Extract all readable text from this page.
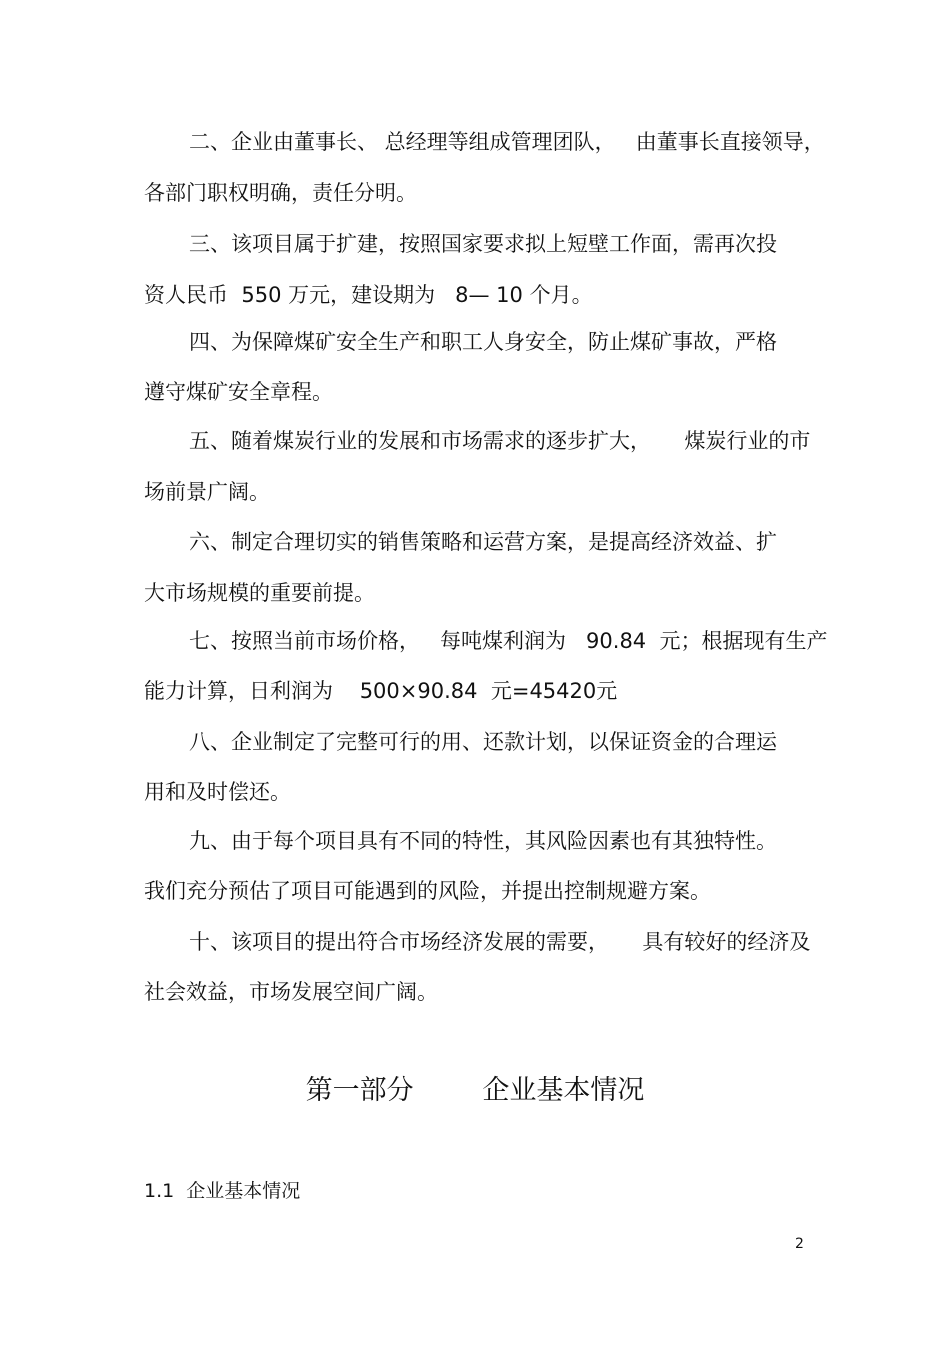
二、企业由董事长、 总经理等组成管理团队，   由董事长直接领导，
各部门职权明确，责任分明。
三、该项目属于扩建，按照国家要求拟上短壁工作面，需再次投
资人民币  550 万元，建设期为   8— 10 个月。
四、为保障煤矿安全生产和职工人身安全，防止煤矿事故，严格
遵守煤矿安全章程。
五、随着煤炭行业的发展和市场需求的逐步扩大，     煤炭行业的市
场前景广阔。
六、制定合理切实的销售策略和运营方案，是提高经济效益、扩
大市场规模的重要前提。
七、按照当前市场价格，   每吨煤利润为   90.84  元；根据现有生产
能力计算，日利润为    500×90.84  元=45420元
八、企业制定了完整可行的用、还款计划，以保证资金的合理运
用和及时偿还。
九、由于每个项目具有不同的特性，其风险因素也有其独特性。
我们充分预估了项目可能遇到的风险，并提出控制规避方案。
十、该项目的提出符合市场经济发展的需要，     具有较好的经济及
社会效益，市场发展空间广阔。
第一部分        企业基本情况
1.1  企业基本情况
2
